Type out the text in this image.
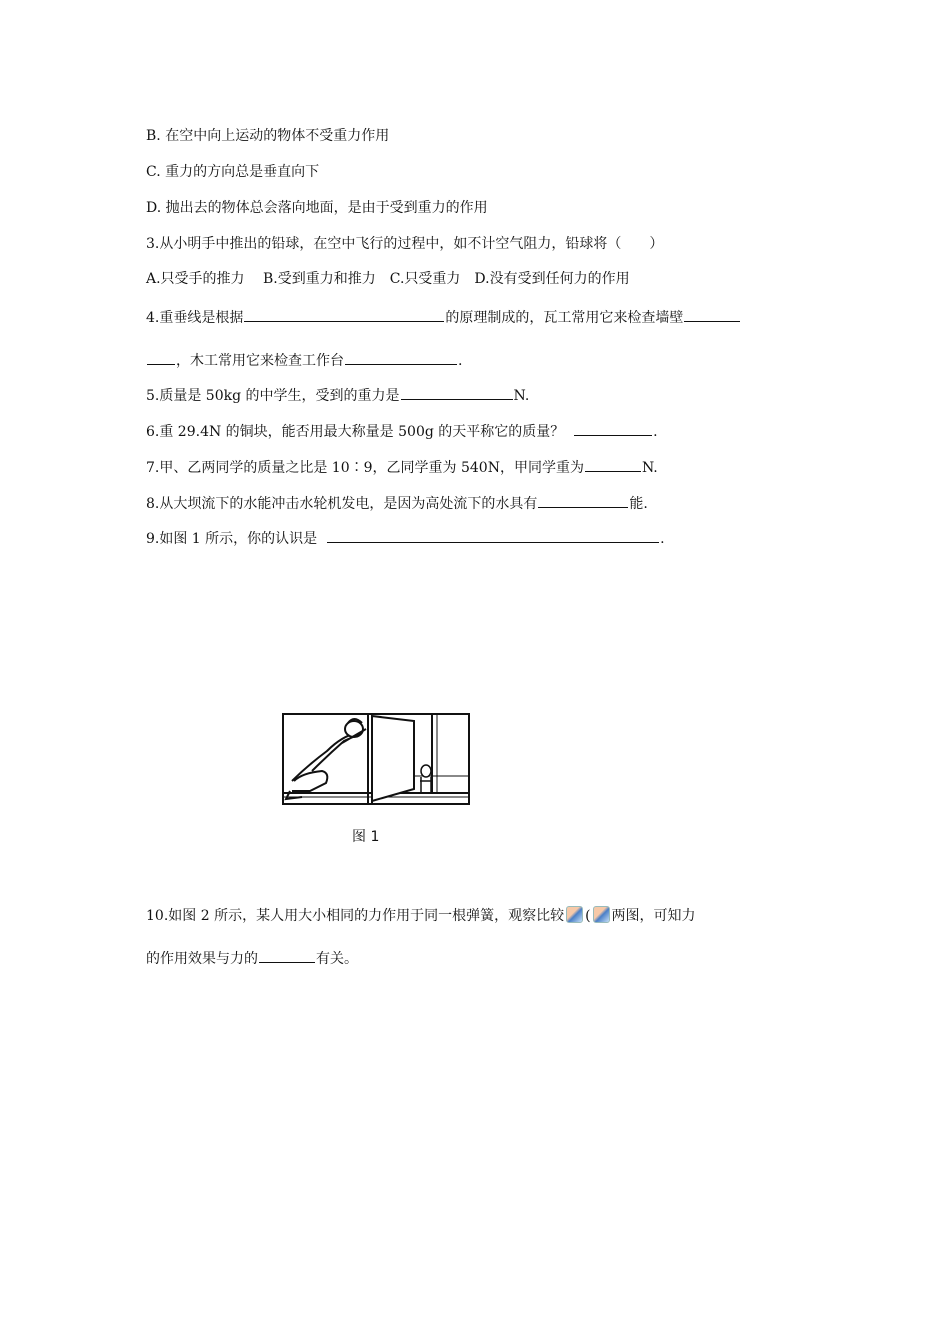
B. 在空中向上运动的物体不受重力作用
C. 重力的方向总是垂直向下
D. 抛出去的物体总会落向地面，是由于受到重力的作用
3.从小明手中推出的铅球，在空中飞行的过程中，如不计空气阻力，铅球将（　　）
A.只受手的推力　 B.受到重力和推力　C.只受重力　D.没有受到任何力的作用
4.重垂线是根据	的原理制成的，瓦工常用它来检查墙壁
，木工常用它来检查工作台	.
5.质量是 50kg 的中学生，受到的重力是	N.
6.重 29.4N 的铜块，能否用最大称量是 500g 的天平称它的质量？	.
7.甲、乙两同学的质量之比是 10∶9，乙同学重为 540N，甲同学重为	N.
8.从大坝流下的水能冲击水轮机发电，是因为高处流下的水具有	能.
9.如图 1 所示，你的认识是	.
图 1
10.如图 2 所示，某人用大小相同的力作用于同一根弹簧，观察比较 ( 两图，可知力
的作用效果与力的	有关。
